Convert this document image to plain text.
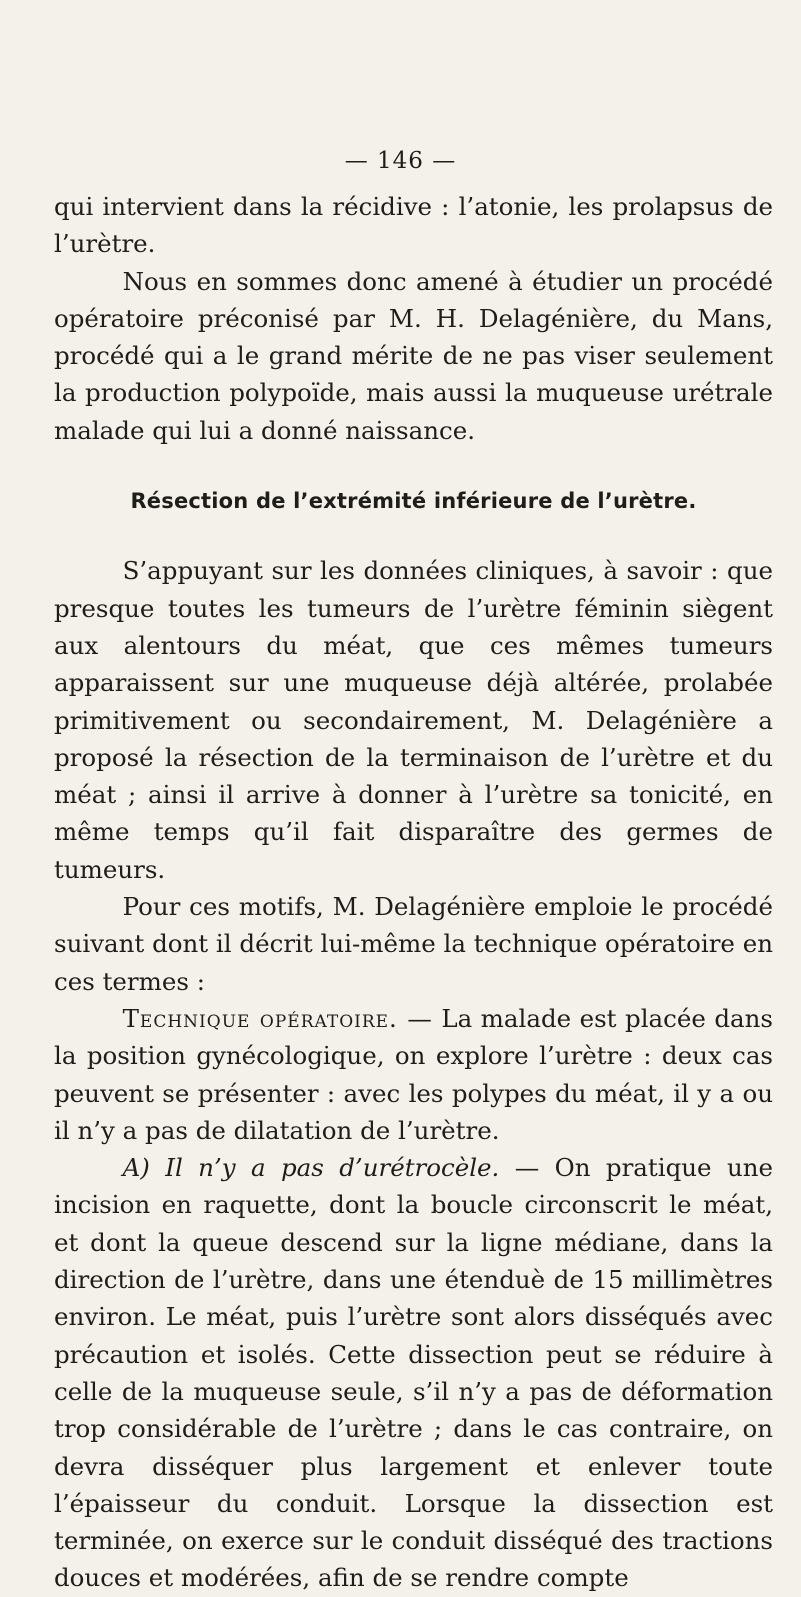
— 146 —

qui intervient dans la récidive : l’atonie, les prolapsus de l’urètre.

Nous en sommes donc amené à étudier un procédé opératoire préconisé par M. H. Delagénière, du Mans, procédé qui a le grand mérite de ne pas viser seulement la production polypoïde, mais aussi la muqueuse urétrale malade qui lui a donné naissance.

Résection de l’extrémité inférieure de l’urètre.

S’appuyant sur les données cliniques, à savoir : que presque toutes les tumeurs de l’urètre féminin siègent aux alentours du méat, que ces mêmes tumeurs apparaissent sur une muqueuse déjà altérée, prolabée primitivement ou secondairement, M. Delagénière a proposé la résection de la terminaison de l’urètre et du méat ; ainsi il arrive à donner à l’urètre sa tonicité, en même temps qu’il fait disparaître des germes de tumeurs.

Pour ces motifs, M. Delagénière emploie le procédé suivant dont il décrit lui-même la technique opératoire en ces termes :

Technique opératoire. — La malade est placée dans la position gynécologique, on explore l’urètre : deux cas peuvent se présenter : avec les polypes du méat, il y a ou il n’y a pas de dilatation de l’urètre.

A) Il n’y a pas d’urétrocèle. — On pratique une incision en raquette, dont la boucle circonscrit le méat, et dont la queue descend sur la ligne médiane, dans la direction de l’urètre, dans une étenduè de 15 millimètres environ. Le méat, puis l’urètre sont alors disséqués avec précaution et isolés. Cette dissection peut se réduire à celle de la muqueuse seule, s’il n’y a pas de déformation trop considérable de l’urètre ; dans le cas contraire, on devra disséquer plus largement et enlever toute l’épaisseur du conduit. Lorsque la dissection est terminée, on exerce sur le conduit disséqué des tractions douces et modérées, afin de se rendre compte
